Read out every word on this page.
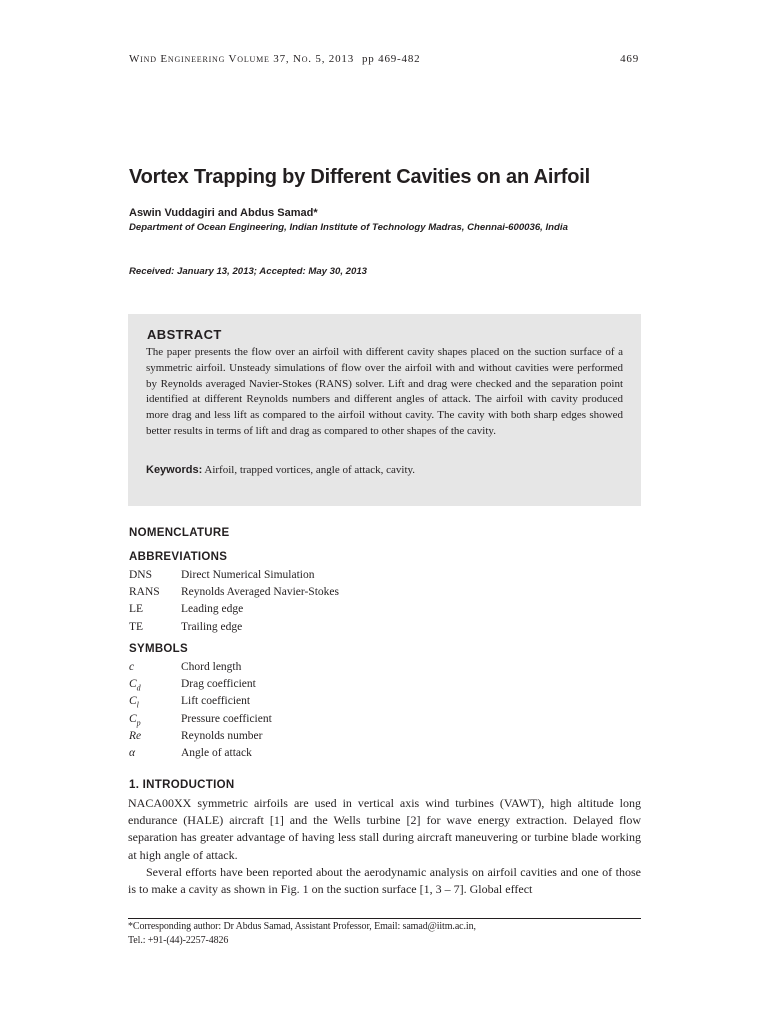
Wind Engineering Volume 37, No. 5, 2013 pp 469-482	469
Vortex Trapping by Different Cavities on an Airfoil
Aswin Vuddagiri and Abdus Samad*
Department of Ocean Engineering, Indian Institute of Technology Madras, Chennai-600036, India
Received: January 13, 2013; Accepted: May 30, 2013
ABSTRACT
The paper presents the flow over an airfoil with different cavity shapes placed on the suction surface of a symmetric airfoil. Unsteady simulations of flow over the airfoil with and without cavities were performed by Reynolds averaged Navier-Stokes (RANS) solver. Lift and drag were checked and the separation point identified at different Reynolds numbers and different angles of attack. The airfoil with cavity produced more drag and less lift as compared to the airfoil without cavity. The cavity with both sharp edges showed better results in terms of lift and drag as compared to other shapes of the cavity.
Keywords: Airfoil, trapped vortices, angle of attack, cavity.
NOMENCLATURE
ABBREVIATIONS
DNS	Direct Numerical Simulation
RANS Reynolds Averaged Navier-Stokes
LE	Leading edge
TE	Trailing edge
SYMBOLS
c	Chord length
$C_d$	Drag coefficient
$C_l$	Lift coefficient
$C_p$	Pressure coefficient
Re	Reynolds number
α	Angle of attack
1. INTRODUCTION

NACA00XX symmetric airfoils are used in vertical axis wind turbines (VAWT), high altitude long endurance (HALE) aircraft [1] and the Wells turbine [2] for wave energy extraction. Delayed flow separation has greater advantage of having less stall during aircraft maneuvering or turbine blade working at high angle of attack.

Several efforts have been reported about the aerodynamic analysis on airfoil cavities and one of those is to make a cavity as shown in Fig. 1 on the suction surface [1, 3 – 7]. Global effect

*Corresponding author: Dr Abdus Samad, Assistant Professor, Email: samad@iitm.ac.in,
Tel.: +91-(44)-2257-4826
